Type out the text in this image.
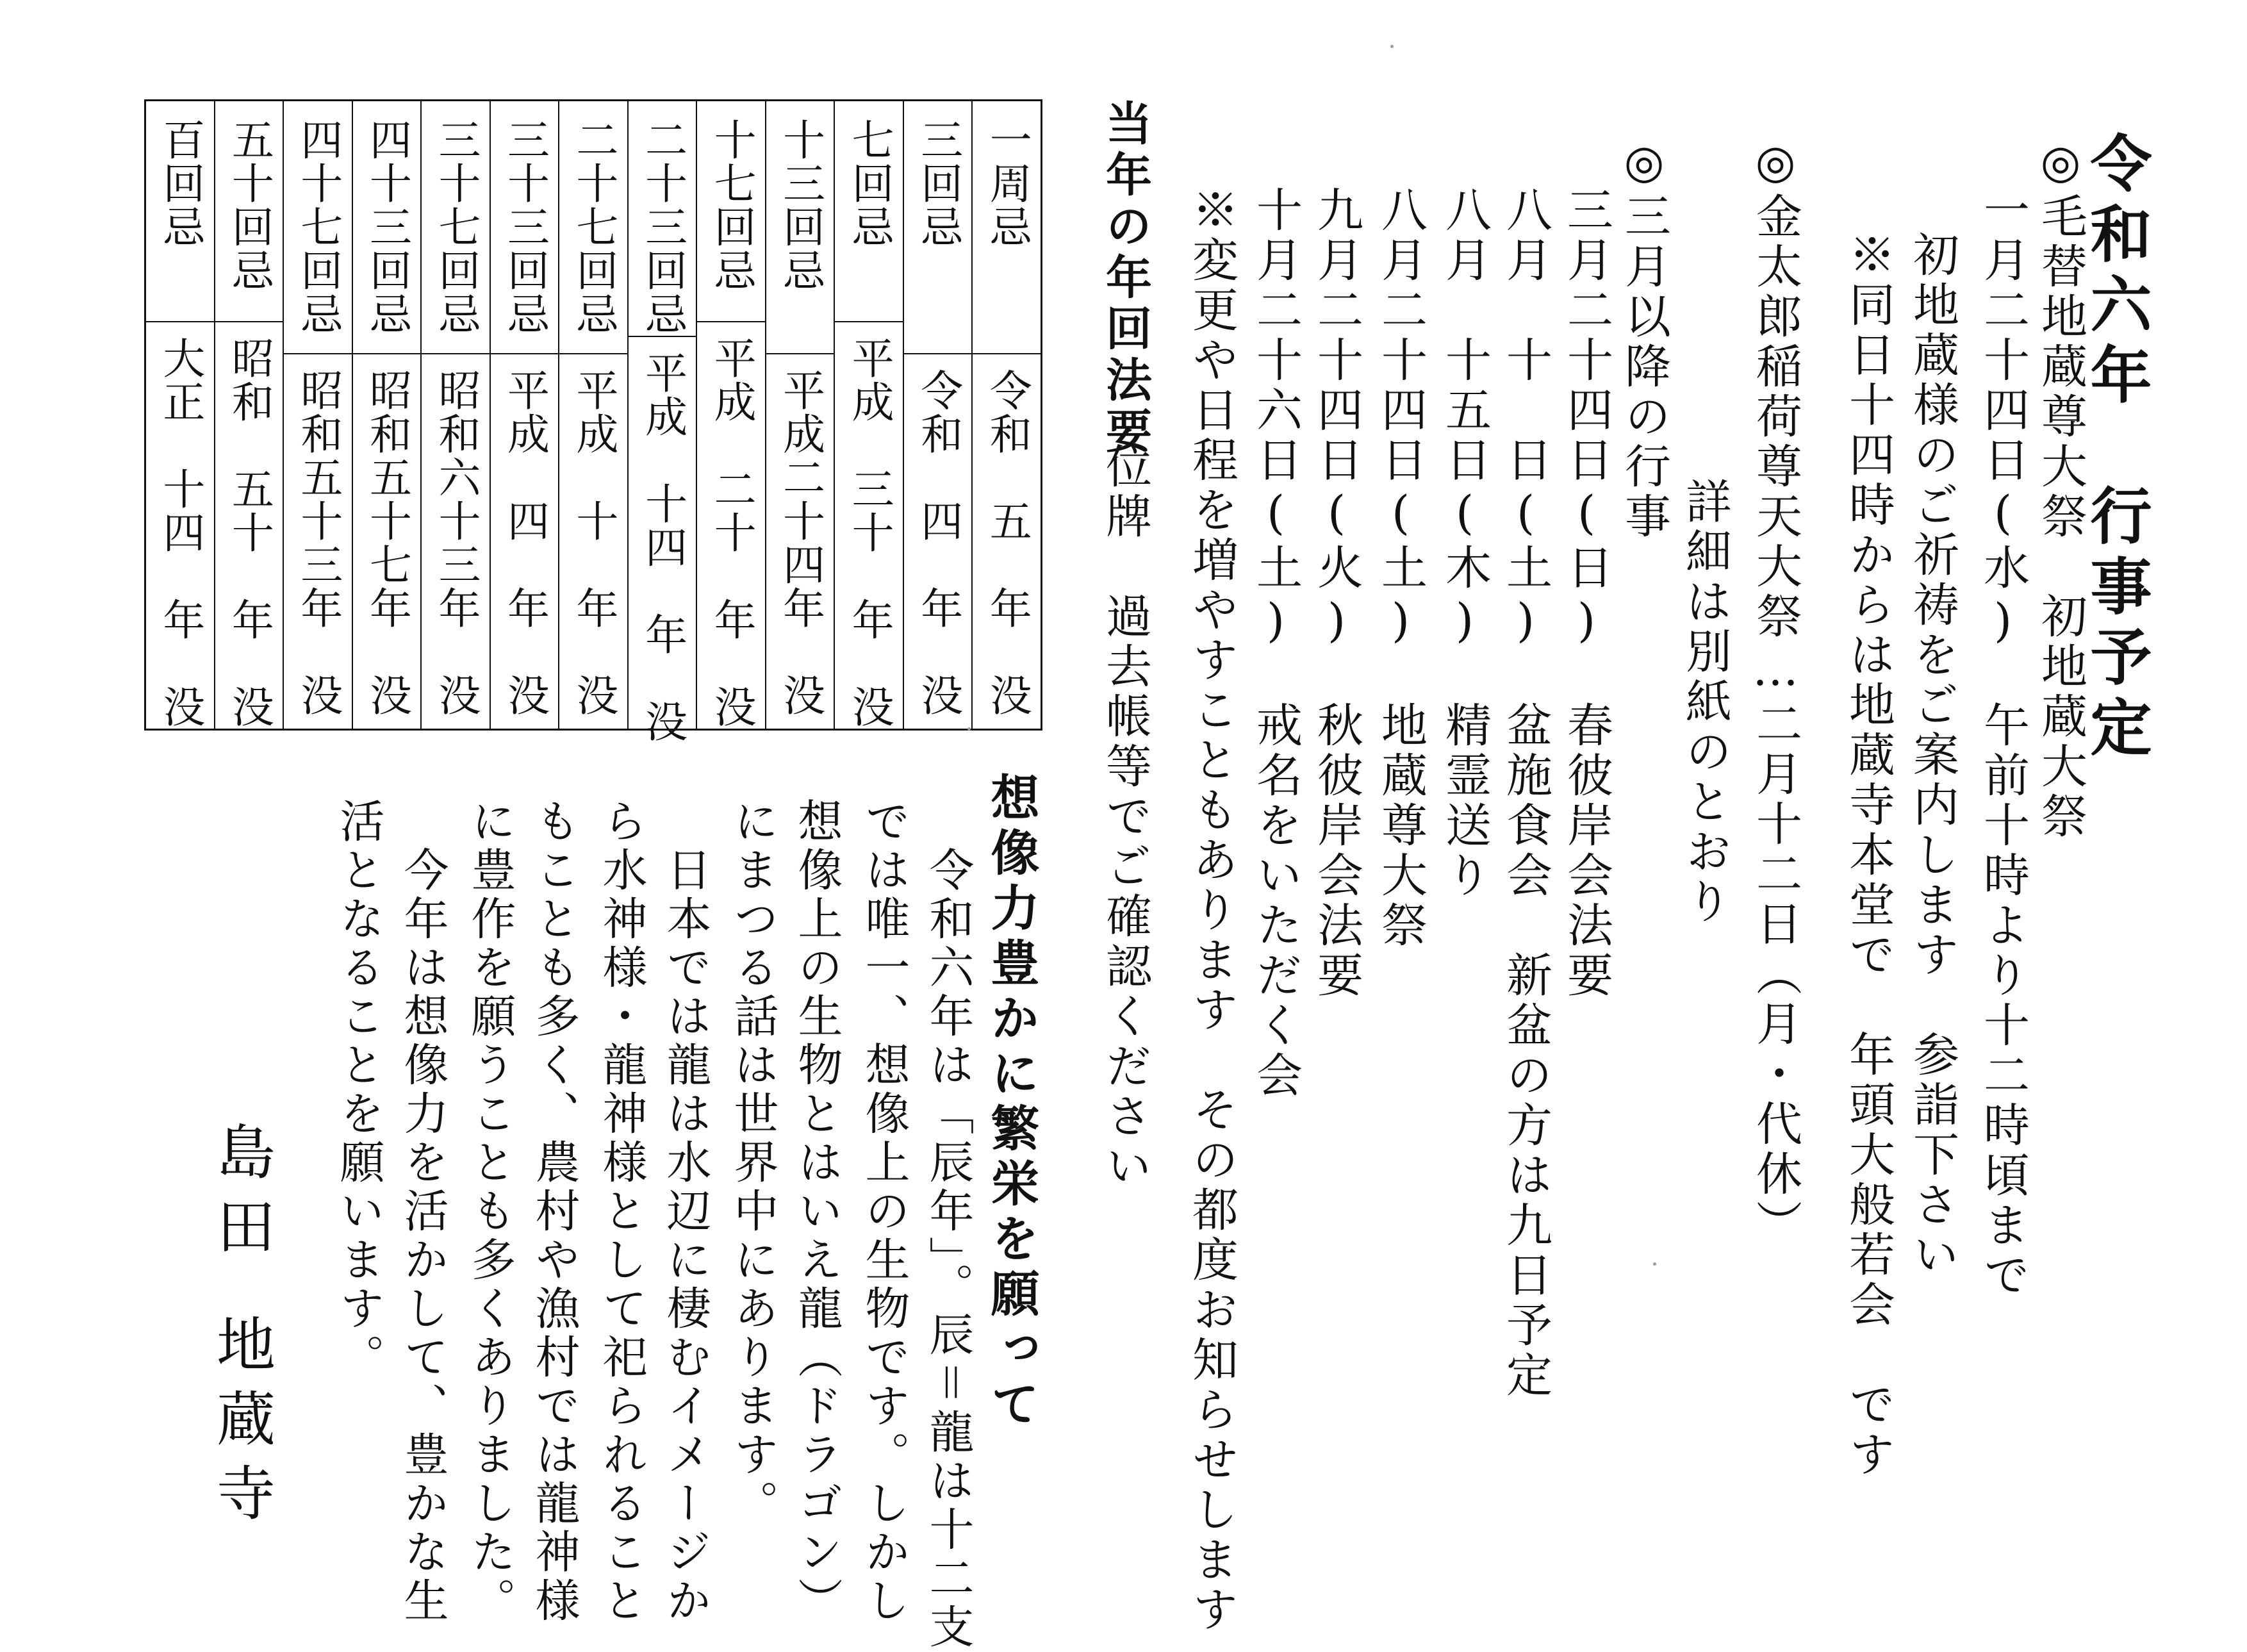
令和六年　行事予定
◎毛替地蔵尊大祭　初地蔵大祭
一月二十四日(水)　午前十時より十二時頃まで
初地蔵様のご祈祷をご案内します　参詣下さい
※同日十四時からは地蔵寺本堂で　年頭大般若会　です
◎金太郎稲荷尊天大祭…二月十二日（月・代休）
詳細は別紙のとおり
◎三月以降の行事
三月二十四日(日)　春彼岸会法要
八月　十　日(土)　盆施食会　新盆の方は九日予定
八月　十五日(木)　精霊送り
八月二十四日(土)　地蔵尊大祭
九月二十四日(火)　秋彼岸会法要
十月二十六日(土)　戒名をいただく会
※変更や日程を増やすこともあります　その都度お知らせします
当年の年回法要
位牌　過去帳等でご確認ください
一周忌
令和　五　年　没
三回忌
令和　四　年　没
七回忌
平成　三十　年　没
十三回忌
平成二十四年　没
十七回忌
平成　二十　年　没
二十三回忌
平成　十四　年　没
二十七回忌
平成　十　年　没
三十三回忌
平成　四　年　没
三十七回忌
昭和六十三年　没
四十三回忌
昭和五十七年　没
四十七回忌
昭和五十三年　没
五十回忌
昭和　五十　年　没
百回忌
大正　十四　年　没
想像力豊かに繁栄を願って
　令和六年は「辰年」。辰＝龍は十二支
では唯一、想像上の生物です。しかし
想像上の生物とはいえ龍（ドラゴン）
にまつる話は世界中にあります。
　日本では龍は水辺に棲むイメージか
ら水神様・龍神様として祀られること
もことも多く、農村や漁村では龍神様
に豊作を願うことも多くありました。
　今年は想像力を活かして、豊かな生
活となることを願います。
島田
地蔵寺
